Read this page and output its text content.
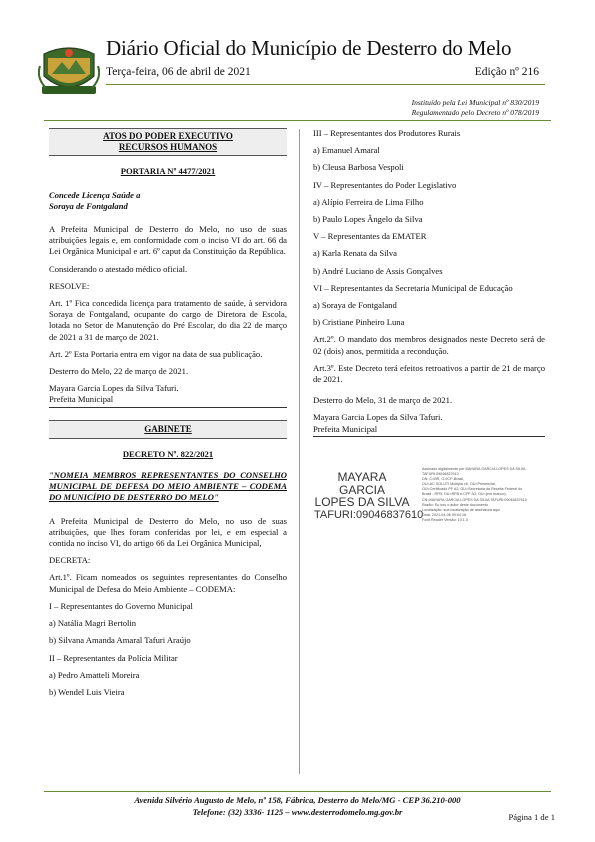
Diário Oficial do Município de Desterro do Melo
Terça-feira, 06 de abril de 2021	Edição nº 216
Instituído pela Lei Municipal nº 830/2019
Regulamentado pelo Decreto nº 078/2019
ATOS DO PODER EXECUTIVO
RECURSOS HUMANOS

PORTARIA Nº 4477/2021

Concede Licença Saúde a

Soraya de Fontgaland

A Prefeita Municipal de Desterro do Melo, no uso de suas atribuições legais e, em conformidade com o inciso VI do art. 66 da Lei Orgânica Municipal e art. 6º caput da Constituição da República.

Considerando o atestado médico oficial.

RESOLVE:

Art. 1º Fica concedida licença para tratamento de saúde, à servidora Soraya de Fontgaland, ocupante do cargo de Diretora de Escola, lotada no Setor de Manutenção do Pré Escolar, do dia 22 de março de 2021 a 31 de março de 2021.

Art. 2º Esta Portaria entra em vigor na data de sua publicação.

Desterro do Melo, 22 de março de 2021.

Mayara Garcia Lopes da Silva Tafuri.

Prefeita Municipal
GABINETE

DECRETO Nº. 822/2021

"NOMEIA MEMBROS REPRESENTANTES DO CONSELHO MUNICIPAL DE DEFESA DO MEIO AMBIENTE – CODEMA DO MUNICÍPIO DE DESTERRO DO MELO"

A Prefeita Municipal de Desterro do Melo, no uso de suas atribuições, que lhes foram conferidas por lei, e em especial a contida no inciso VI, do artigo 66 da Lei Orgânica Municipal,

DECRETA:

Art.1º. Ficam nomeados os seguintes representantes do Conselho Municipal de Defesa do Meio Ambiente – CODEMA:

I – Representantes do Governo Municipal

a) Natália Magri Bertolin

b) Silvana Amanda Amaral Tafuri Araújo

II – Representantes da Polícia Militar

a) Pedro Amatteli Moreira

b) Wendel Luis Vieira

III – Representantes dos Produtores Rurais

a) Emanuel Amaral

b) Cleusa Barbosa Vespoli

IV – Representantes do Poder Legislativo

a) Alípio Ferreira de Lima Filho

b) Paulo Lopes Ângelo da Silva

V – Representantes da EMATER

a) Karla Renata da Silva

b) André Luciano de Assis Gonçalves

VI – Representantes da Secretaria Municipal de Educação

a) Soraya de Fontgaland

b) Cristiane Pinheiro Luna

Art.2º. O mandato dos membros designados neste Decreto será de 02 (dois) anos, permitida a recondução.

Art.3º. Este Decreto terá efeitos retroativos a partir de 21 de março de 2021.

Desterro do Melo, 31 de março de 2021.

Mayara Garcia Lopes da Silva Tafuri.

Prefeita Municipal
MAYARA GARCIA
LOPES DA SILVA
TAFURI:09046837610
Assinado digitalmente por MAYARA GARCIA LOPES DA SILVA
TAFURI:09046837610
DN: C=BR, O=ICP-Brasil,
OU=AC SOLUTI Multipla v5, OU=Presencial,
OU=Certificado PF A3, OU=Secretaria da Receita Federal do
Brasil - RFB, OU=RFB e-CPF A3, OU=(em branco),
CN=MAYARA GARCIA LOPES DA SILVA TAFURI:09046837610
Razão: Eu sou o autor deste documento
Localização: sua localização de assinatura aqui
Data: 2021-04-06 09:04:18
Foxit Reader Versão: 10.1.0
Avenida Silvério Augusto de Melo, nº 158, Fábrica, Desterro do Melo/MG - CEP 36.210-000
Telefone: (32) 3336- 1125 – www.desterrodomelo.mg.gov.br	Página 1 de 1
